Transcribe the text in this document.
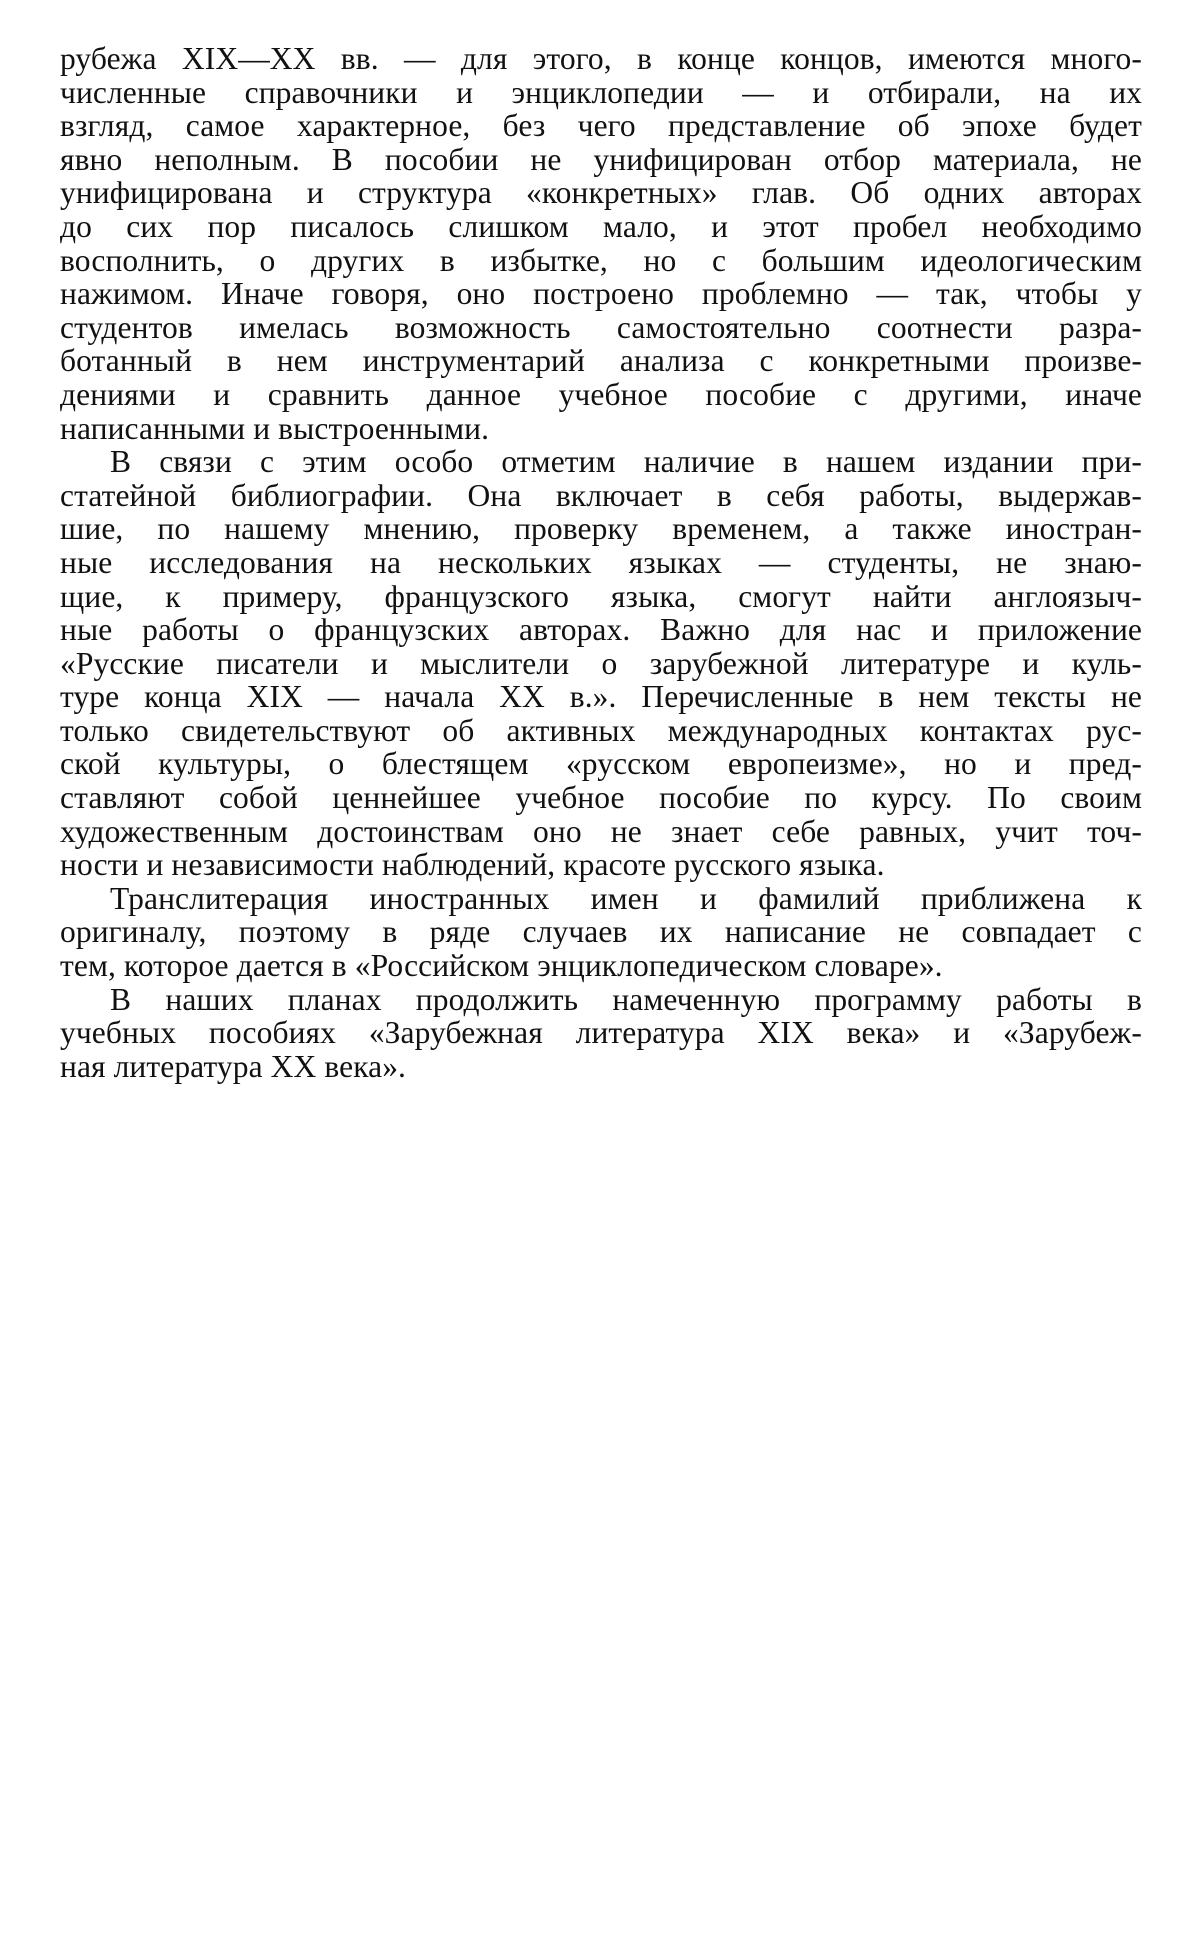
рубежа XIX—XX вв. — для этого, в конце концов, имеются много-
численные справочники и энциклопедии — и отбирали, на их
взгляд, самое характерное, без чего представление об эпохе будет
явно неполным. В пособии не унифицирован отбор материала, не
унифицирована и структура «конкретных» глав. Об одних авторах
до сих пор писалось слишком мало, и этот пробел необходимо
восполнить, о других в избытке, но с большим идеологическим
нажимом. Иначе говоря, оно построено проблемно — так, чтобы у
студентов имелась возможность самостоятельно соотнести разра-
ботанный в нем инструментарий анализа с конкретными произве-
дениями и сравнить данное учебное пособие с другими, иначе
написанными и выстроенными.
В связи с этим особо отметим наличие в нашем издании при-
статейной библиографии. Она включает в себя работы, выдержав-
шие, по нашему мнению, проверку временем, а также иностран-
ные исследования на нескольких языках — студенты, не знаю-
щие, к примеру, французского языка, смогут найти англоязыч-
ные работы о французских авторах. Важно для нас и приложение
«Русские писатели и мыслители о зарубежной литературе и куль-
туре конца XIX — начала XX в.». Перечисленные в нем тексты не
только свидетельствуют об активных международных контактах рус-
ской культуры, о блестящем «русском европеизме», но и пред-
ставляют собой ценнейшее учебное пособие по курсу. По своим
художественным достоинствам оно не знает себе равных, учит точ-
ности и независимости наблюдений, красоте русского языка.
Транслитерация иностранных имен и фамилий приближена к
оригиналу, поэтому в ряде случаев их написание не совпадает с
тем, которое дается в «Российском энциклопедическом словаре».
В наших планах продолжить намеченную программу работы в
учебных пособиях «Зарубежная литература XIX века» и «Зарубеж-
ная литература XX века».
